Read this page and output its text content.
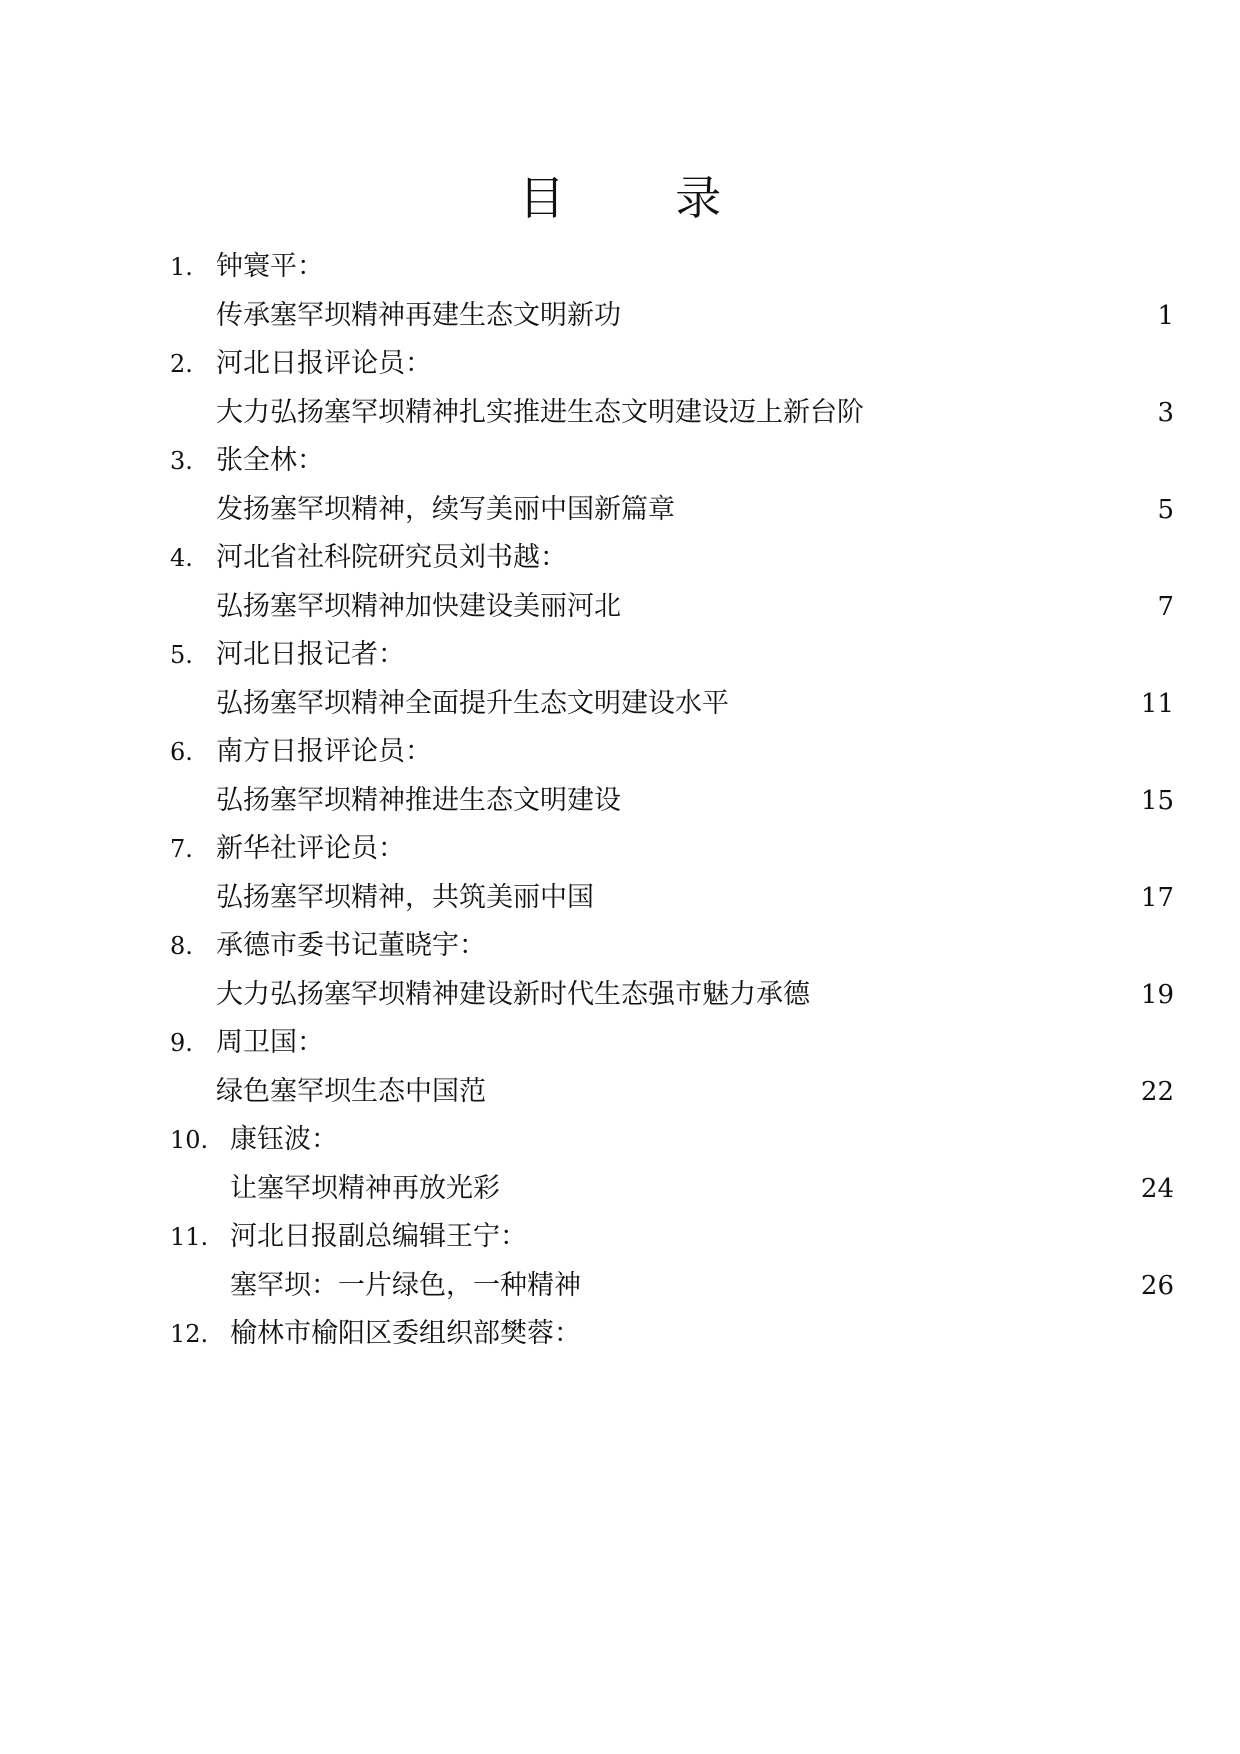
目 录
1. 钟寰平：
传承塞罕坝精神再建生态文明新功	1
2. 河北日报评论员：
大力弘扬塞罕坝精神扎实推进生态文明建设迈上新台阶	3
3. 张全林：
发扬塞罕坝精神，续写美丽中国新篇章	5
4. 河北省社科院研究员刘书越：
弘扬塞罕坝精神加快建设美丽河北	7
5. 河北日报记者：
弘扬塞罕坝精神全面提升生态文明建设水平	11
6. 南方日报评论员：
弘扬塞罕坝精神推进生态文明建设	15
7. 新华社评论员：
弘扬塞罕坝精神，共筑美丽中国	17
8. 承德市委书记董晓宇：
大力弘扬塞罕坝精神建设新时代生态强市魅力承德	19
9. 周卫国：
绿色塞罕坝生态中国范	22
10. 康钰波：
让塞罕坝精神再放光彩	24
11. 河北日报副总编辑王宁：
塞罕坝：一片绿色，一种精神	26
12. 榆林市榆阳区委组织部樊蓉：
